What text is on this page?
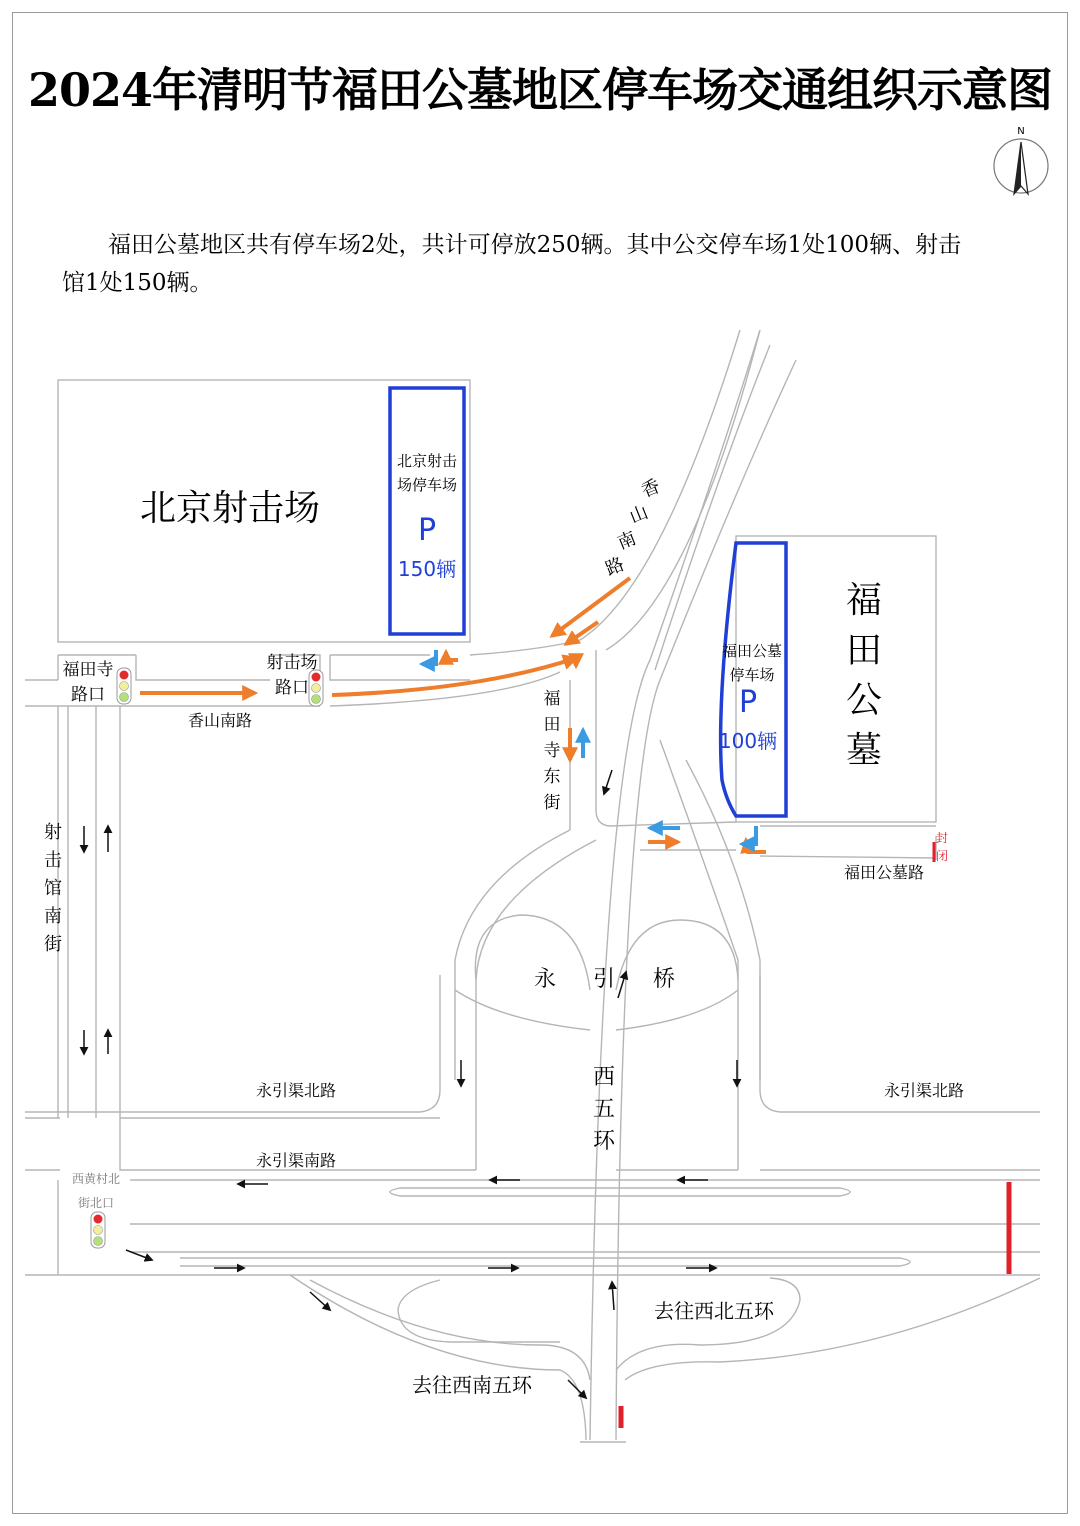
2024年清明节福田公墓地区停车场交通组织示意图

福田公墓地区共有停车场2处，共计可停放250辆。其中公交停车场1处100辆、射击馆1处150辆。

N
北京射击
场停车场
P
150辆
福田公墓
停车场
P
100辆
北京射击场
福
田
公
墓
封
闭
福田寺
路口
射击场
路口
西黄村北
街北口
香山南路
香
山
南
路
福
田
寺
东
街
射
击
馆
南
街
福田公墓路
永引渠北路	永引渠北路
永引渠南路
西
五
环
永 引 桥
去往西北五环
去往西南五环
